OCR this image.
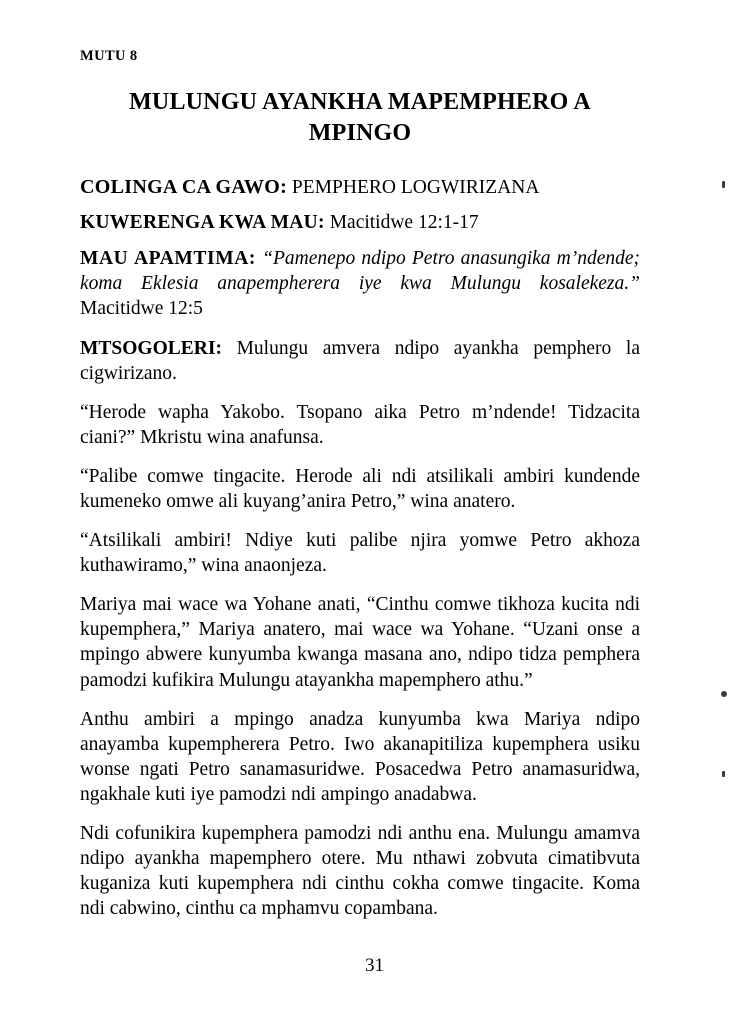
MUTU 8
MULUNGU AYANKHA MAPEMPHERO A MPINGO
COLINGA CA GAWO: PEMPHERO LOGWIRIZANA
KUWERENGA KWA MAU: Macitidwe 12:1-17
MAU APAMTIMA: “Pamenepo ndipo Petro anasungika m’ndende; koma Eklesia anapempherera iye kwa Mulungu kosalekeza.” Macitidwe 12:5

MTSOGOLERI: Mulungu amvera ndipo ayankha pemphero la cigwirizano.

“Herode wapha Yakobo. Tsopano aika Petro m’ndende! Tidzacita ciani?” Mkristu wina anafunsa.

“Palibe comwe tingacite. Herode ali ndi atsilikali ambiri kundende kumeneko omwe ali kuyang’anira Petro,” wina anatero.

“Atsilikali ambiri! Ndiye kuti palibe njira yomwe Petro akhoza kuthawiramo,” wina anaonjeza.

Mariya mai wace wa Yohane anati, “Cinthu comwe tikhoza kucita ndi kupemphera,” Mariya anatero, mai wace wa Yohane. “Uzani onse a mpingo abwere kunyumba kwanga masana ano, ndipo tidza pemphera pamodzi kufikira Mulungu atayankha mapemphero athu.”

Anthu ambiri a mpingo anadza kunyumba kwa Mariya ndipo anayamba kupempherera Petro. Iwo akanapitiliza kupemphera usiku wonse ngati Petro sanamasuridwe. Posacedwa Petro anamasuridwa, ngakhale kuti iye pamodzi ndi ampingo anadabwa.

Ndi cofunikira kupemphera pamodzi ndi anthu ena. Mulungu amamva ndipo ayankha mapemphero otere. Mu nthawi zobvuta cimatibvuta kuganiza kuti kupemphera ndi cinthu cokha comwe tingacite. Koma ndi cabwino, cinthu ca mphamvu copambana.

31
